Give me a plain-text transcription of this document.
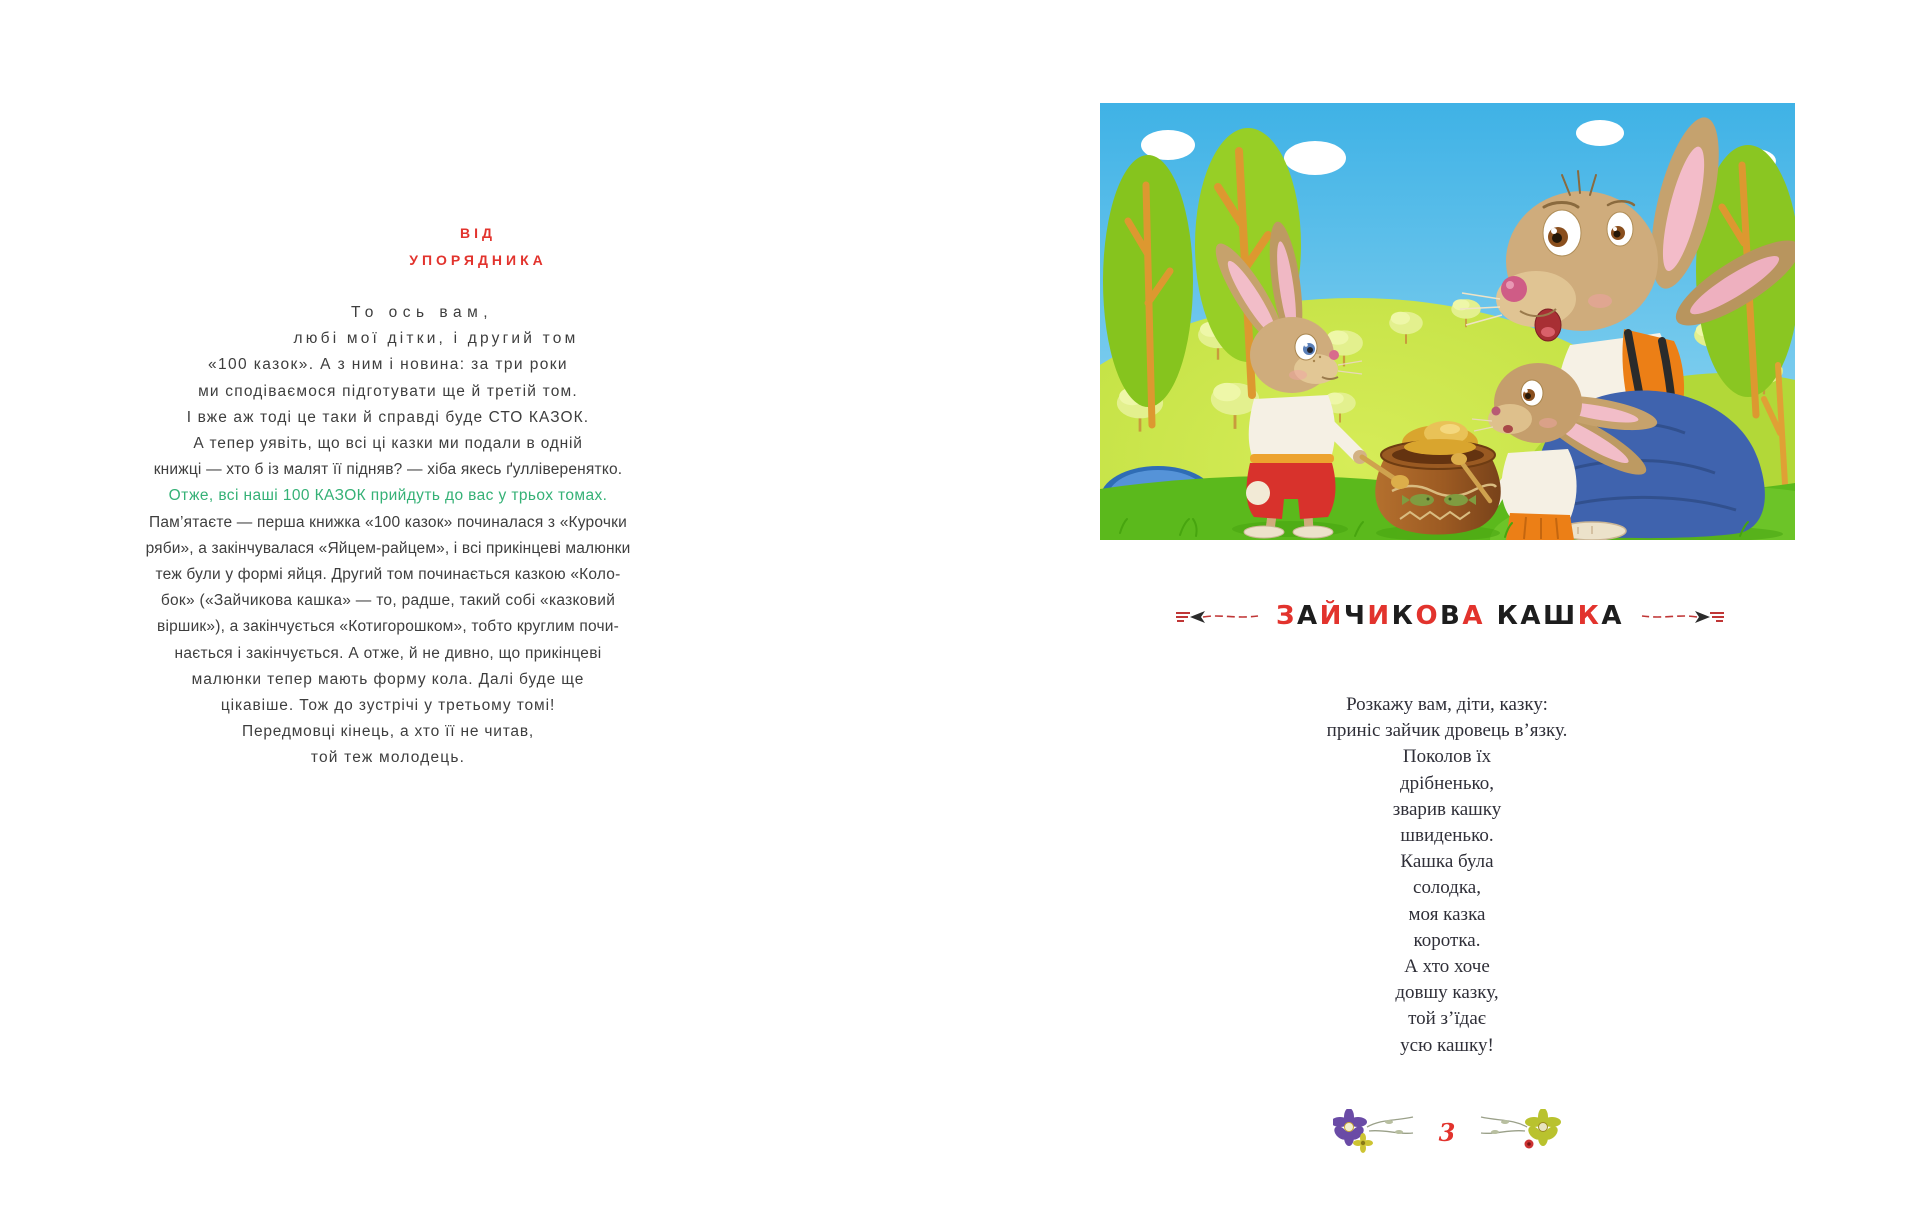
ВІД
УПОРЯДНИКА
То ось вам,
любі мої дітки, і другий том
«100 казок». А з ним і новина: за три роки
ми сподіваємося підготувати ще й третій том.
І вже аж тоді це таки й справді буде СТО КАЗОК.
А тепер уявіть, що всі ці казки ми подали в одній
книжці — хто б із малят її підняв? — хіба якесь ґулліверенятко.
Отже, всі наші 100 КАЗОК прийдуть до вас у трьох томах.
Пам’ятаєте — перша книжка «100 казок» починалася з «Курочки
ряби», а закінчувалася «Яйцем-райцем», і всі прикінцеві малюнки
теж були у формі яйця. Другий том починається казкою «Коло-
бок» («Зайчикова кашка» — то, радше, такий собі «казковий
віршик»), а закінчується «Котигорошком», тобто круглим почи-
нається і закінчується. А отже, й не дивно, що прикінцеві
малюнки тепер мають форму кола. Далі буде ще
цікавіше. Тож до зустрічі у третьому томі!
Передмовці кінець, а хто її не читав,
той теж молодець.
ЗАЙЧИКОВА КАШКА
Розкажу вам, діти, казку:
приніс зайчик дровець в’язку.
Поколов їх
дрібненько,
зварив кашку
швиденько.
Кашка була
солодка,
моя казка
коротка.
А хто хоче
довшу казку,
той з’їдає
усю кашку!
3
